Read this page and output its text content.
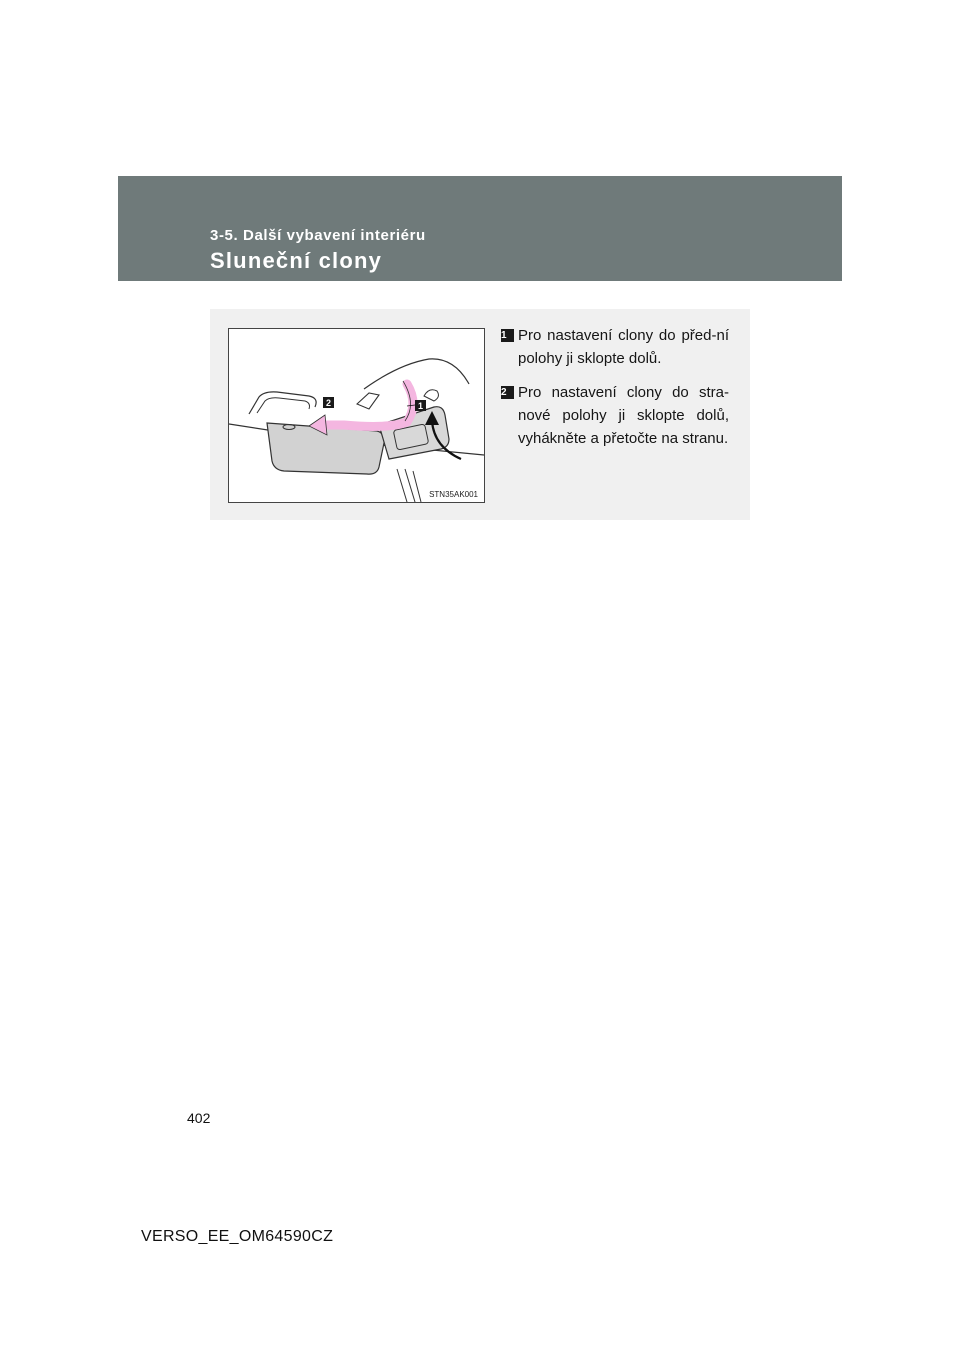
3-5. Další vybavení interiéru
Sluneční clony
2	1
STN35AK001
1 Pro nastavení clony do před-ní polohy ji sklopte dolů.
2 Pro nastavení clony do stra-nové polohy ji sklopte dolů, vyhákněte a přetočte na stranu.
402
VERSO_EE_OM64590CZ
